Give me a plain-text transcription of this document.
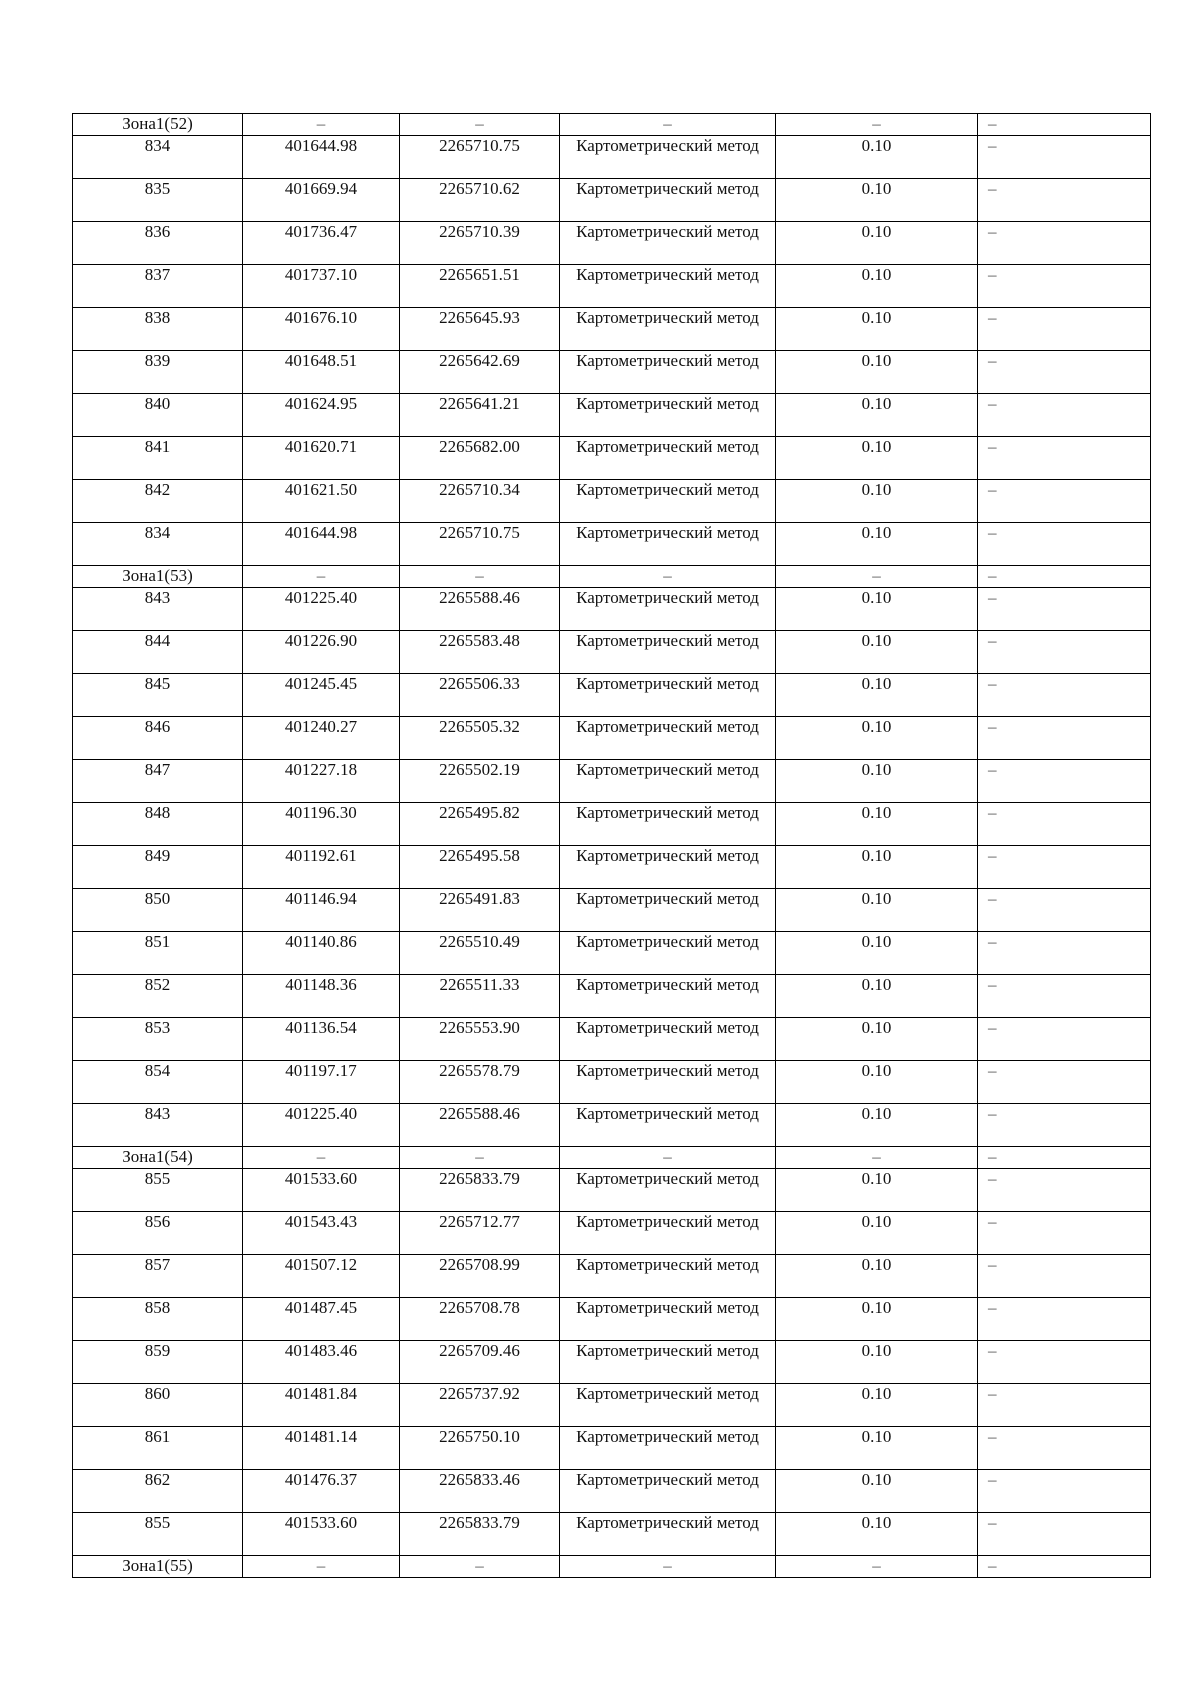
Зона1(52)	–	–	–	–	–
834	401644.98	2265710.75	Картометрический метод	0.10	–
835	401669.94	2265710.62	Картометрический метод	0.10	–
836	401736.47	2265710.39	Картометрический метод	0.10	–
837	401737.10	2265651.51	Картометрический метод	0.10	–
838	401676.10	2265645.93	Картометрический метод	0.10	–
839	401648.51	2265642.69	Картометрический метод	0.10	–
840	401624.95	2265641.21	Картометрический метод	0.10	–
841	401620.71	2265682.00	Картометрический метод	0.10	–
842	401621.50	2265710.34	Картометрический метод	0.10	–
834	401644.98	2265710.75	Картометрический метод	0.10	–
Зона1(53)	–	–	–	–	–
843	401225.40	2265588.46	Картометрический метод	0.10	–
844	401226.90	2265583.48	Картометрический метод	0.10	–
845	401245.45	2265506.33	Картометрический метод	0.10	–
846	401240.27	2265505.32	Картометрический метод	0.10	–
847	401227.18	2265502.19	Картометрический метод	0.10	–
848	401196.30	2265495.82	Картометрический метод	0.10	–
849	401192.61	2265495.58	Картометрический метод	0.10	–
850	401146.94	2265491.83	Картометрический метод	0.10	–
851	401140.86	2265510.49	Картометрический метод	0.10	–
852	401148.36	2265511.33	Картометрический метод	0.10	–
853	401136.54	2265553.90	Картометрический метод	0.10	–
854	401197.17	2265578.79	Картометрический метод	0.10	–
843	401225.40	2265588.46	Картометрический метод	0.10	–
Зона1(54)	–	–	–	–	–
855	401533.60	2265833.79	Картометрический метод	0.10	–
856	401543.43	2265712.77	Картометрический метод	0.10	–
857	401507.12	2265708.99	Картометрический метод	0.10	–
858	401487.45	2265708.78	Картометрический метод	0.10	–
859	401483.46	2265709.46	Картометрический метод	0.10	–
860	401481.84	2265737.92	Картометрический метод	0.10	–
861	401481.14	2265750.10	Картометрический метод	0.10	–
862	401476.37	2265833.46	Картометрический метод	0.10	–
855	401533.60	2265833.79	Картометрический метод	0.10	–
Зона1(55)	–	–	–	–	–
